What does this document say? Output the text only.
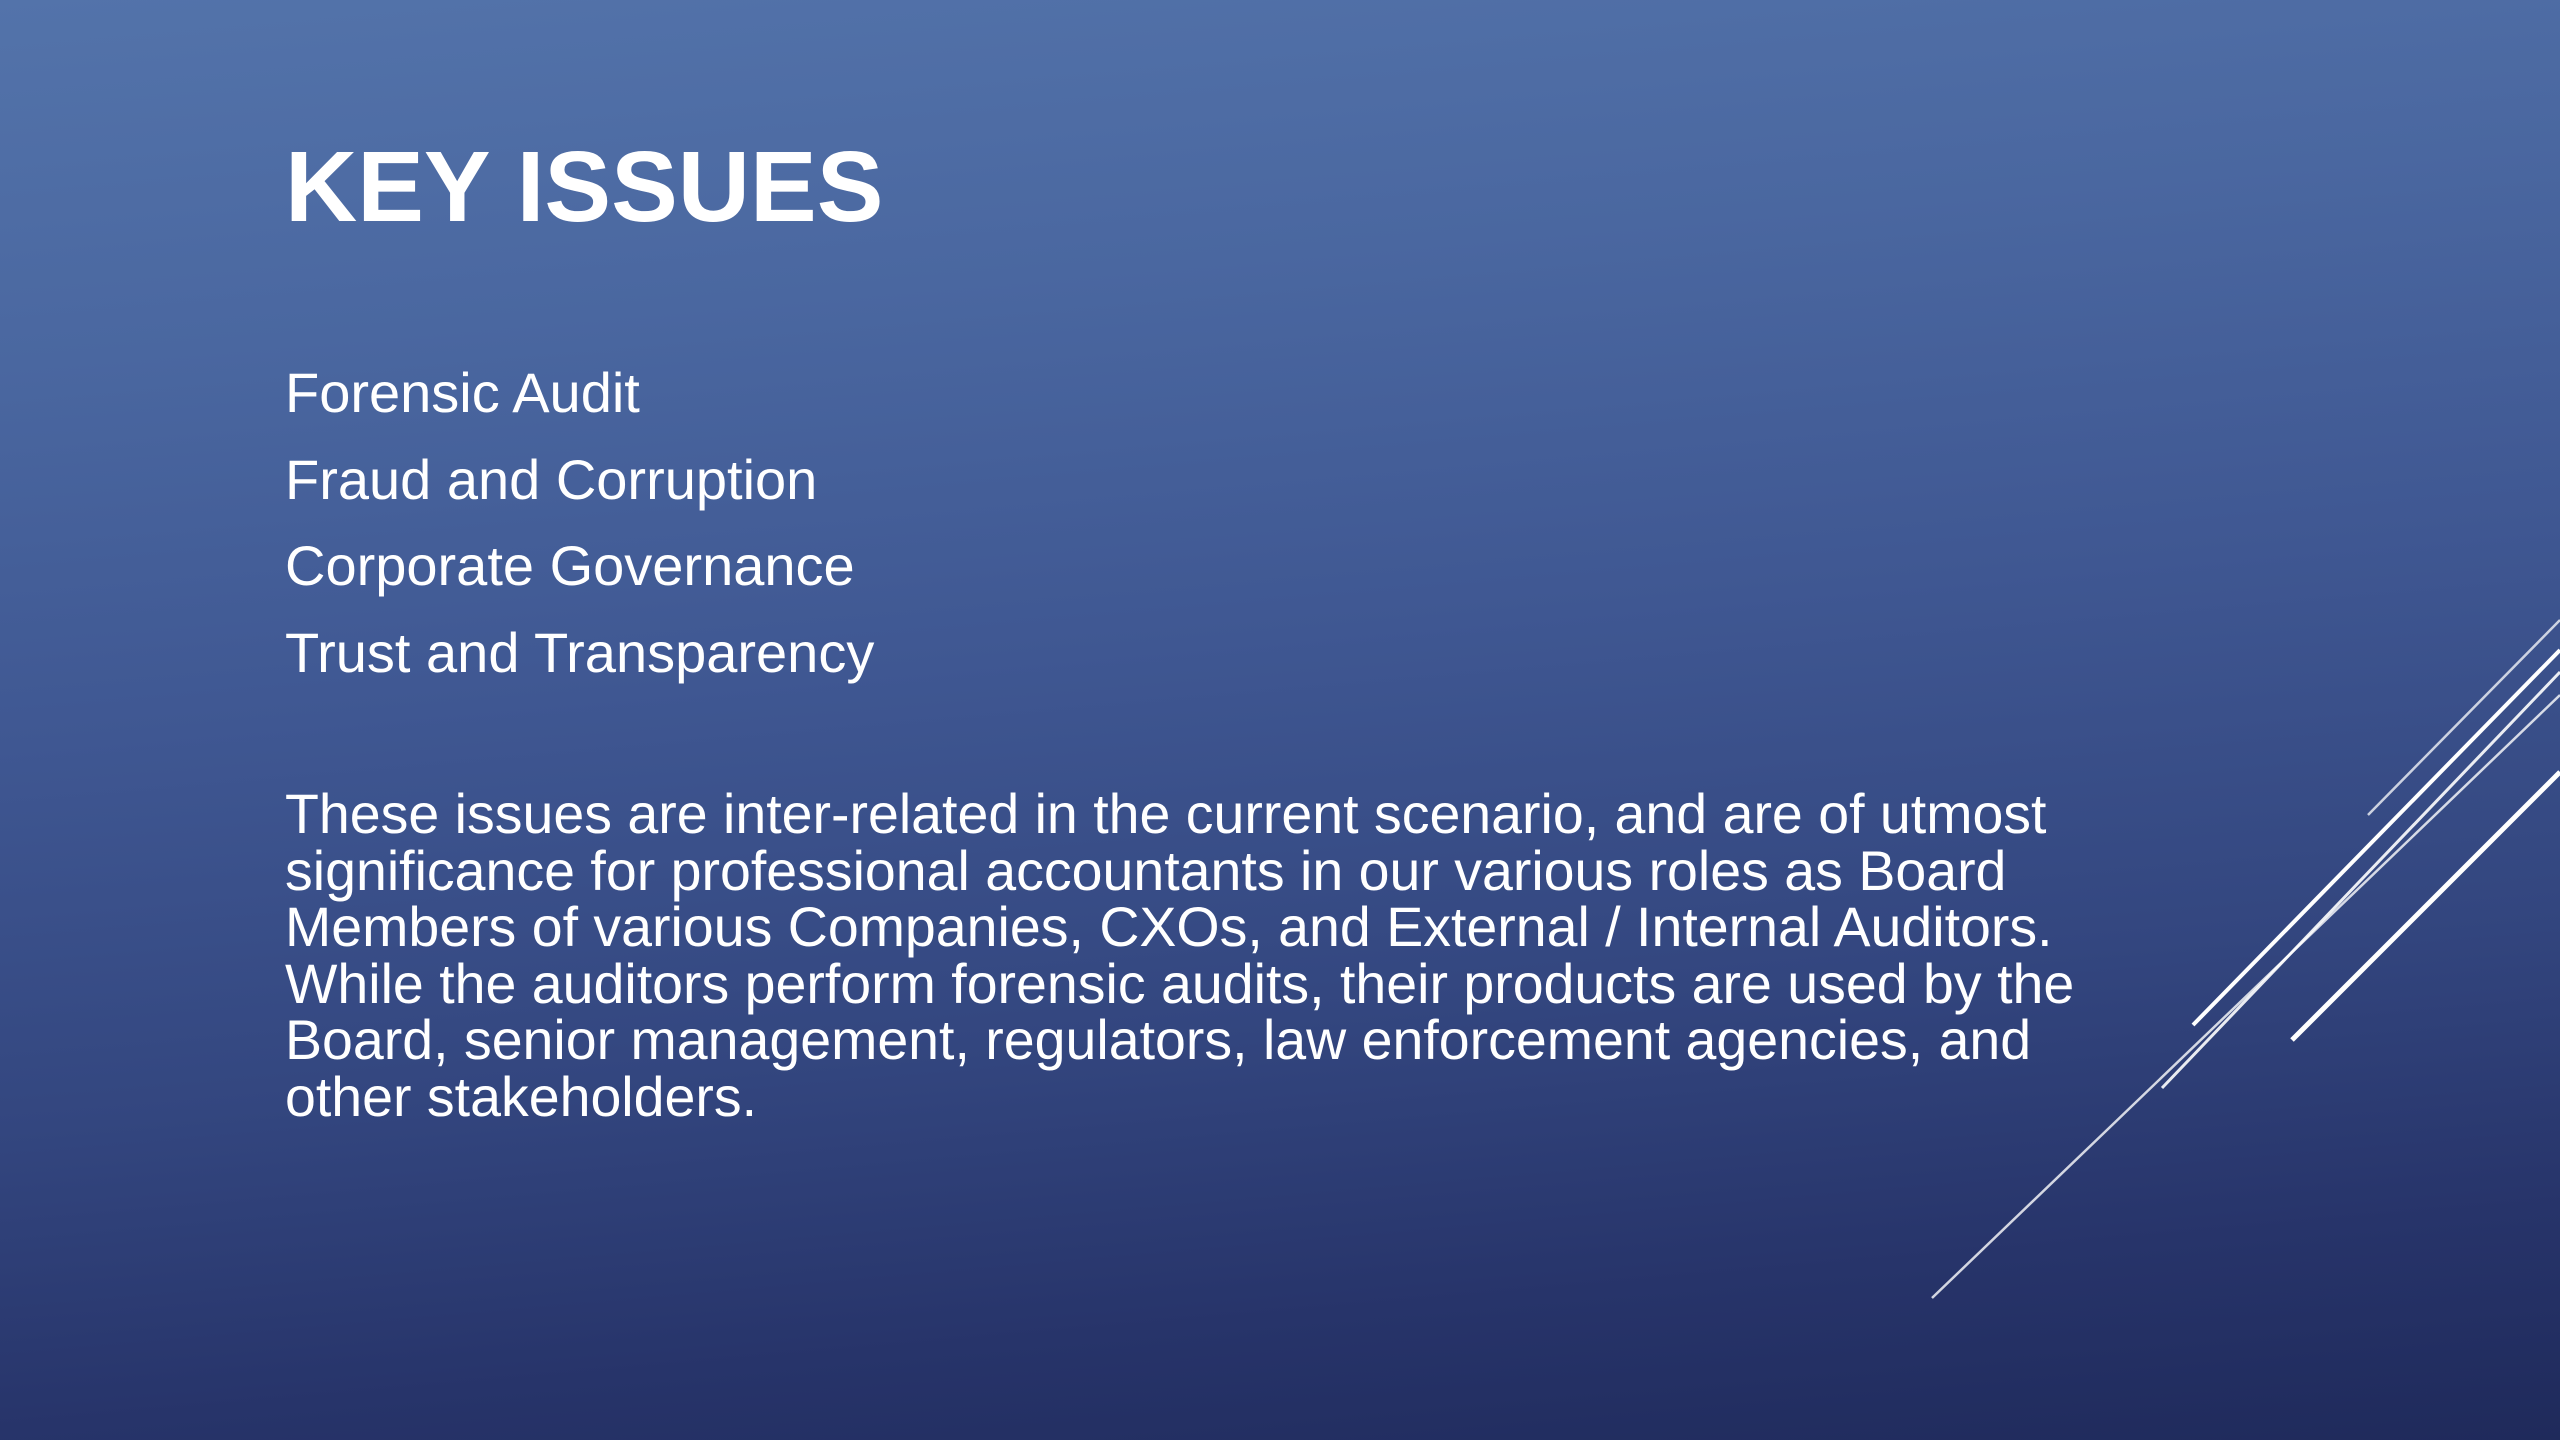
KEY ISSUES
Forensic Audit
Fraud and Corruption
Corporate Governance
Trust and Transparency

These issues are inter-related in the current scenario, and are of utmost
significance for professional accountants in our various roles as Board
Members of various Companies, CXOs, and External / Internal Auditors.
While the auditors perform forensic audits, their products are used by the
Board, senior management, regulators, law enforcement agencies, and
other stakeholders.
